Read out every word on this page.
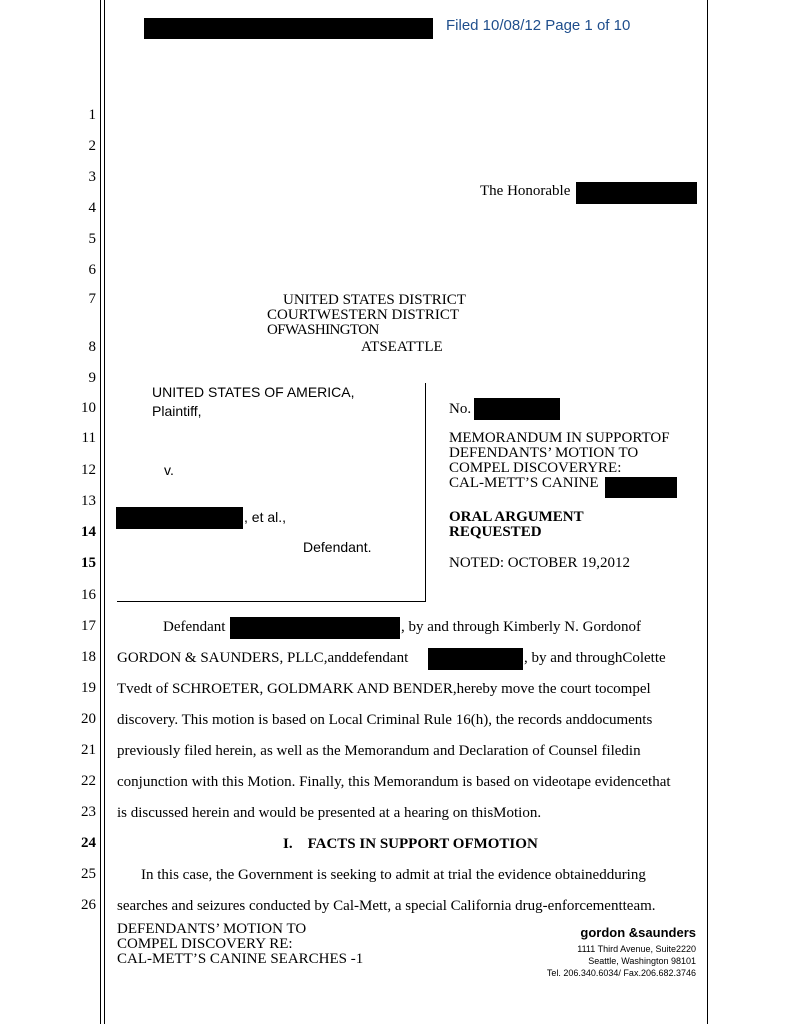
Filed 10/08/12 Page 1 of 10
1
2
3
4
5
6
7
8
9
10
11
12
13
14
15
16
17
18
19
20
21
22
23
24
25
26
The Honorable
UNITED STATES DISTRICT
COURTWESTERN DISTRICT
OFWASHINGTON
ATSEATTLE
UNITED STATES OF AMERICA,
Plaintiff,
v.
, et al.,
Defendant.
No.
MEMORANDUM IN SUPPORTOF
DEFENDANTS’ MOTION TO
COMPEL DISCOVERYRE:
CAL-METT’S CANINE
ORAL ARGUMENT
REQUESTED
NOTED: OCTOBER 19,2012
Defendant	, by and through Kimberly N. Gordonof
GORDON & SAUNDERS, PLLC,anddefendant	, by and throughColette
Tvedt of SCHROETER, GOLDMARK AND BENDER,hereby move the court tocompel
discovery. This motion is based on Local Criminal Rule 16(h), the records anddocuments
previously filed herein, as well as the Memorandum and Declaration of Counsel filedin
conjunction with this Motion. Finally, this Memorandum is based on videotape evidencethat
is discussed herein and would be presented at a hearing on thisMotion.
I.    FACTS IN SUPPORT OFMOTION
In this case, the Government is seeking to admit at trial the evidence obtainedduring
searches and seizures conducted by Cal-Mett, a special California drug-enforcementteam.
DEFENDANTS’ MOTION TO
COMPEL DISCOVERY RE:
CAL-METT’S CANINE SEARCHES -1
gordon &saunders
1111 Third Avenue, Suite2220
Seattle, Washington 98101
Tel. 206.340.6034/ Fax.206.682.3746
